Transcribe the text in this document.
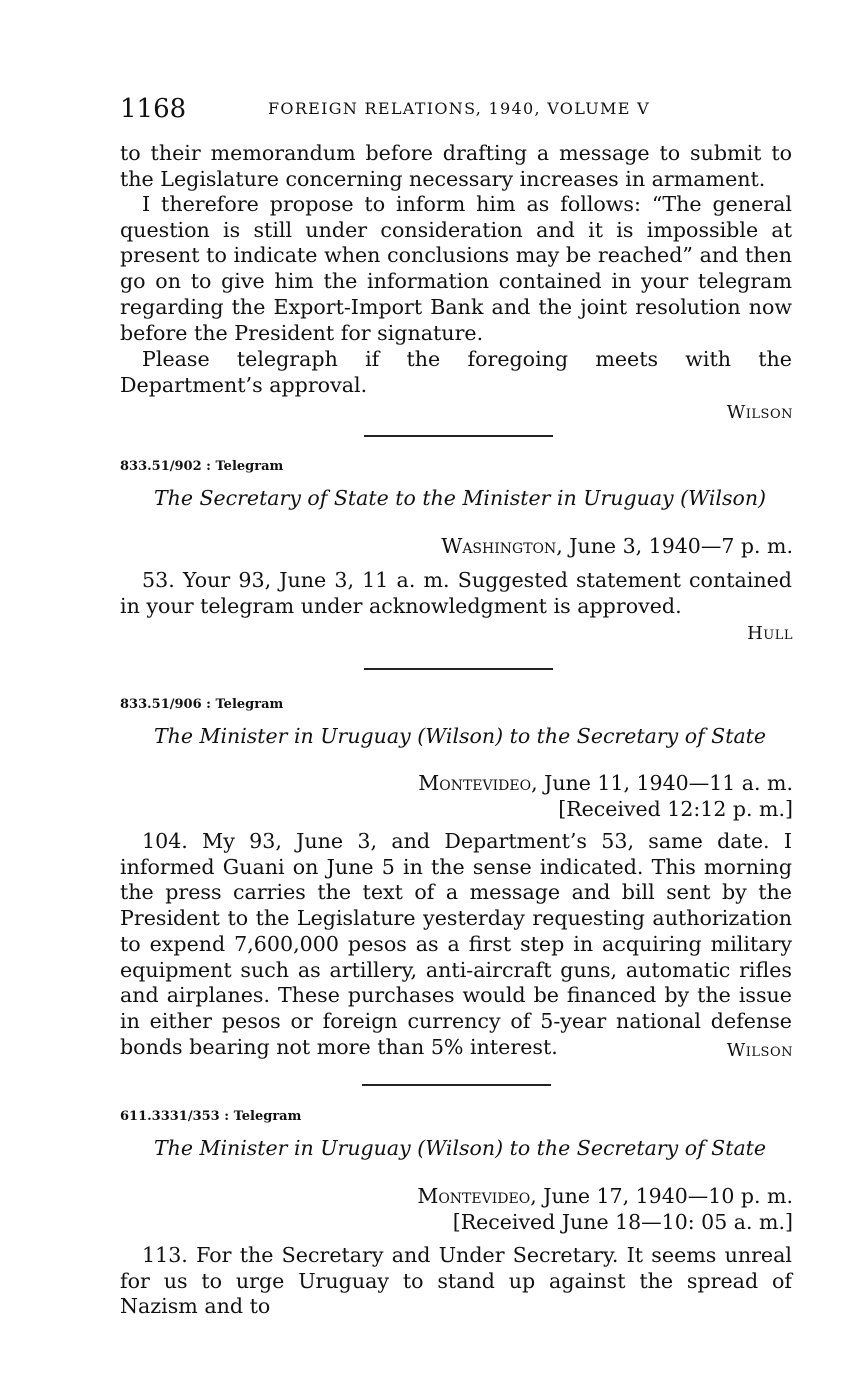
1168	FOREIGN RELATIONS, 1940, VOLUME V

to their memorandum before drafting a message to submit to the Legislature concerning necessary increases in armament.

I therefore propose to inform him as follows: “The general question is still under consideration and it is impossible at present to indicate when conclusions may be reached” and then go on to give him the information contained in your telegram regarding the Export-Import Bank and the joint resolution now before the President for signature.

Please telegraph if the foregoing meets with the Department’s approval.

Wilson
833.51/902 : Telegram
The Secretary of State to the Minister in Uruguay (Wilson)
Washington, June 3, 1940—7 p. m.

53. Your 93, June 3, 11 a. m. Suggested statement contained in your telegram under acknowledgment is approved.

Hull
833.51/906 : Telegram
The Minister in Uruguay (Wilson) to the Secretary of State
Montevideo, June 11, 1940—11 a. m.
[Received 12:12 p. m.]

104. My 93, June 3, and Department’s 53, same date. I informed Guani on June 5 in the sense indicated. This morning the press carries the text of a message and bill sent by the President to the Legislature yesterday requesting authorization to expend 7,600,000 pesos as a first step in acquiring military equipment such as artillery, anti-aircraft guns, automatic rifles and airplanes. These purchases would be financed by the issue in either pesos or foreign currency of 5-year national defense bonds bearing not more than 5% interest.	Wilson
611.3331/353 : Telegram
The Minister in Uruguay (Wilson) to the Secretary of State
Montevideo, June 17, 1940—10 p. m.
[Received June 18—10: 05 a. m.]

113. For the Secretary and Under Secretary. It seems unreal for us to urge Uruguay to stand up against the spread of Nazism and to
